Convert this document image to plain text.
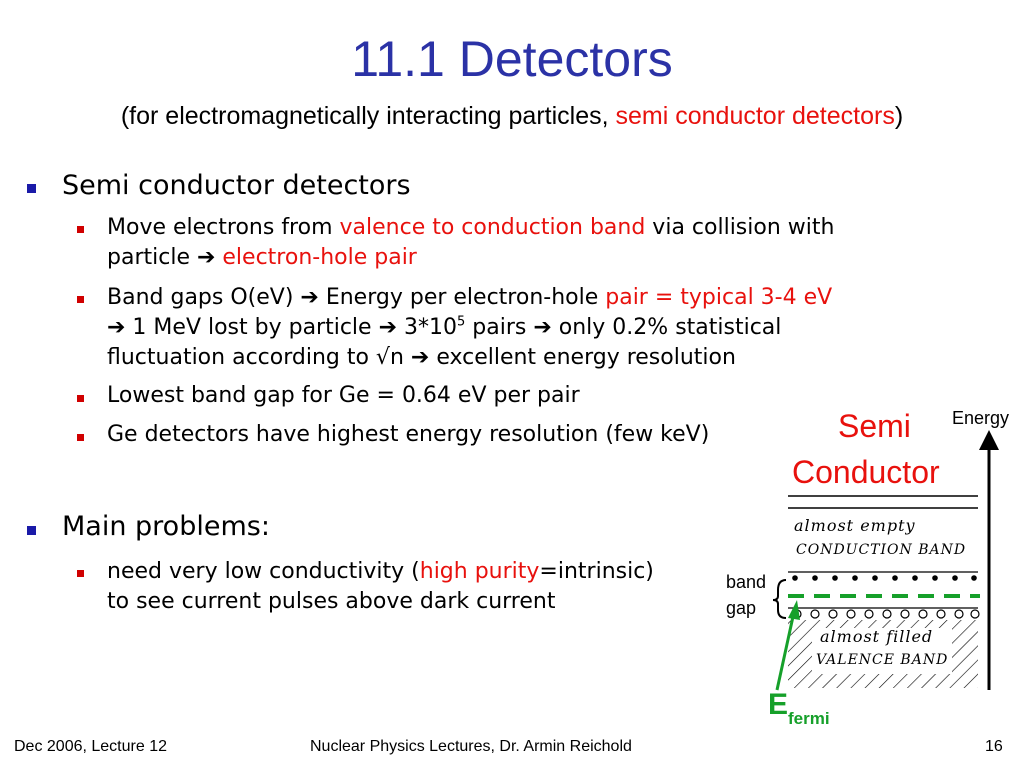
11.1 Detectors
(for electromagnetically interacting particles, semi conductor detectors)
Semi conductor detectors
Move electrons from valence to conduction band via collision with
particle ➔ electron-hole pair
Band gaps O(eV) ➔ Energy per electron-hole pair = typical 3-4 eV
➔ 1 MeV lost by particle ➔ $3*10^5$ pairs ➔ only 0.2% statistical
fluctuation according to √n ➔ excellent energy resolution
Lowest band gap for Ge = 0.64 eV per pair
Ge detectors have highest energy resolution (few keV)
Main problems:
need very low conductivity (high purity=intrinsic)
to see current pulses above dark current
Semi
Conductor
Energy
almost empty
CONDUCTION BAND
almost filled
VALENCE BAND
band
gap
$E_{fermi}$
Dec 2006, Lecture 12	Nuclear Physics Lectures, Dr. Armin Reichold	16
